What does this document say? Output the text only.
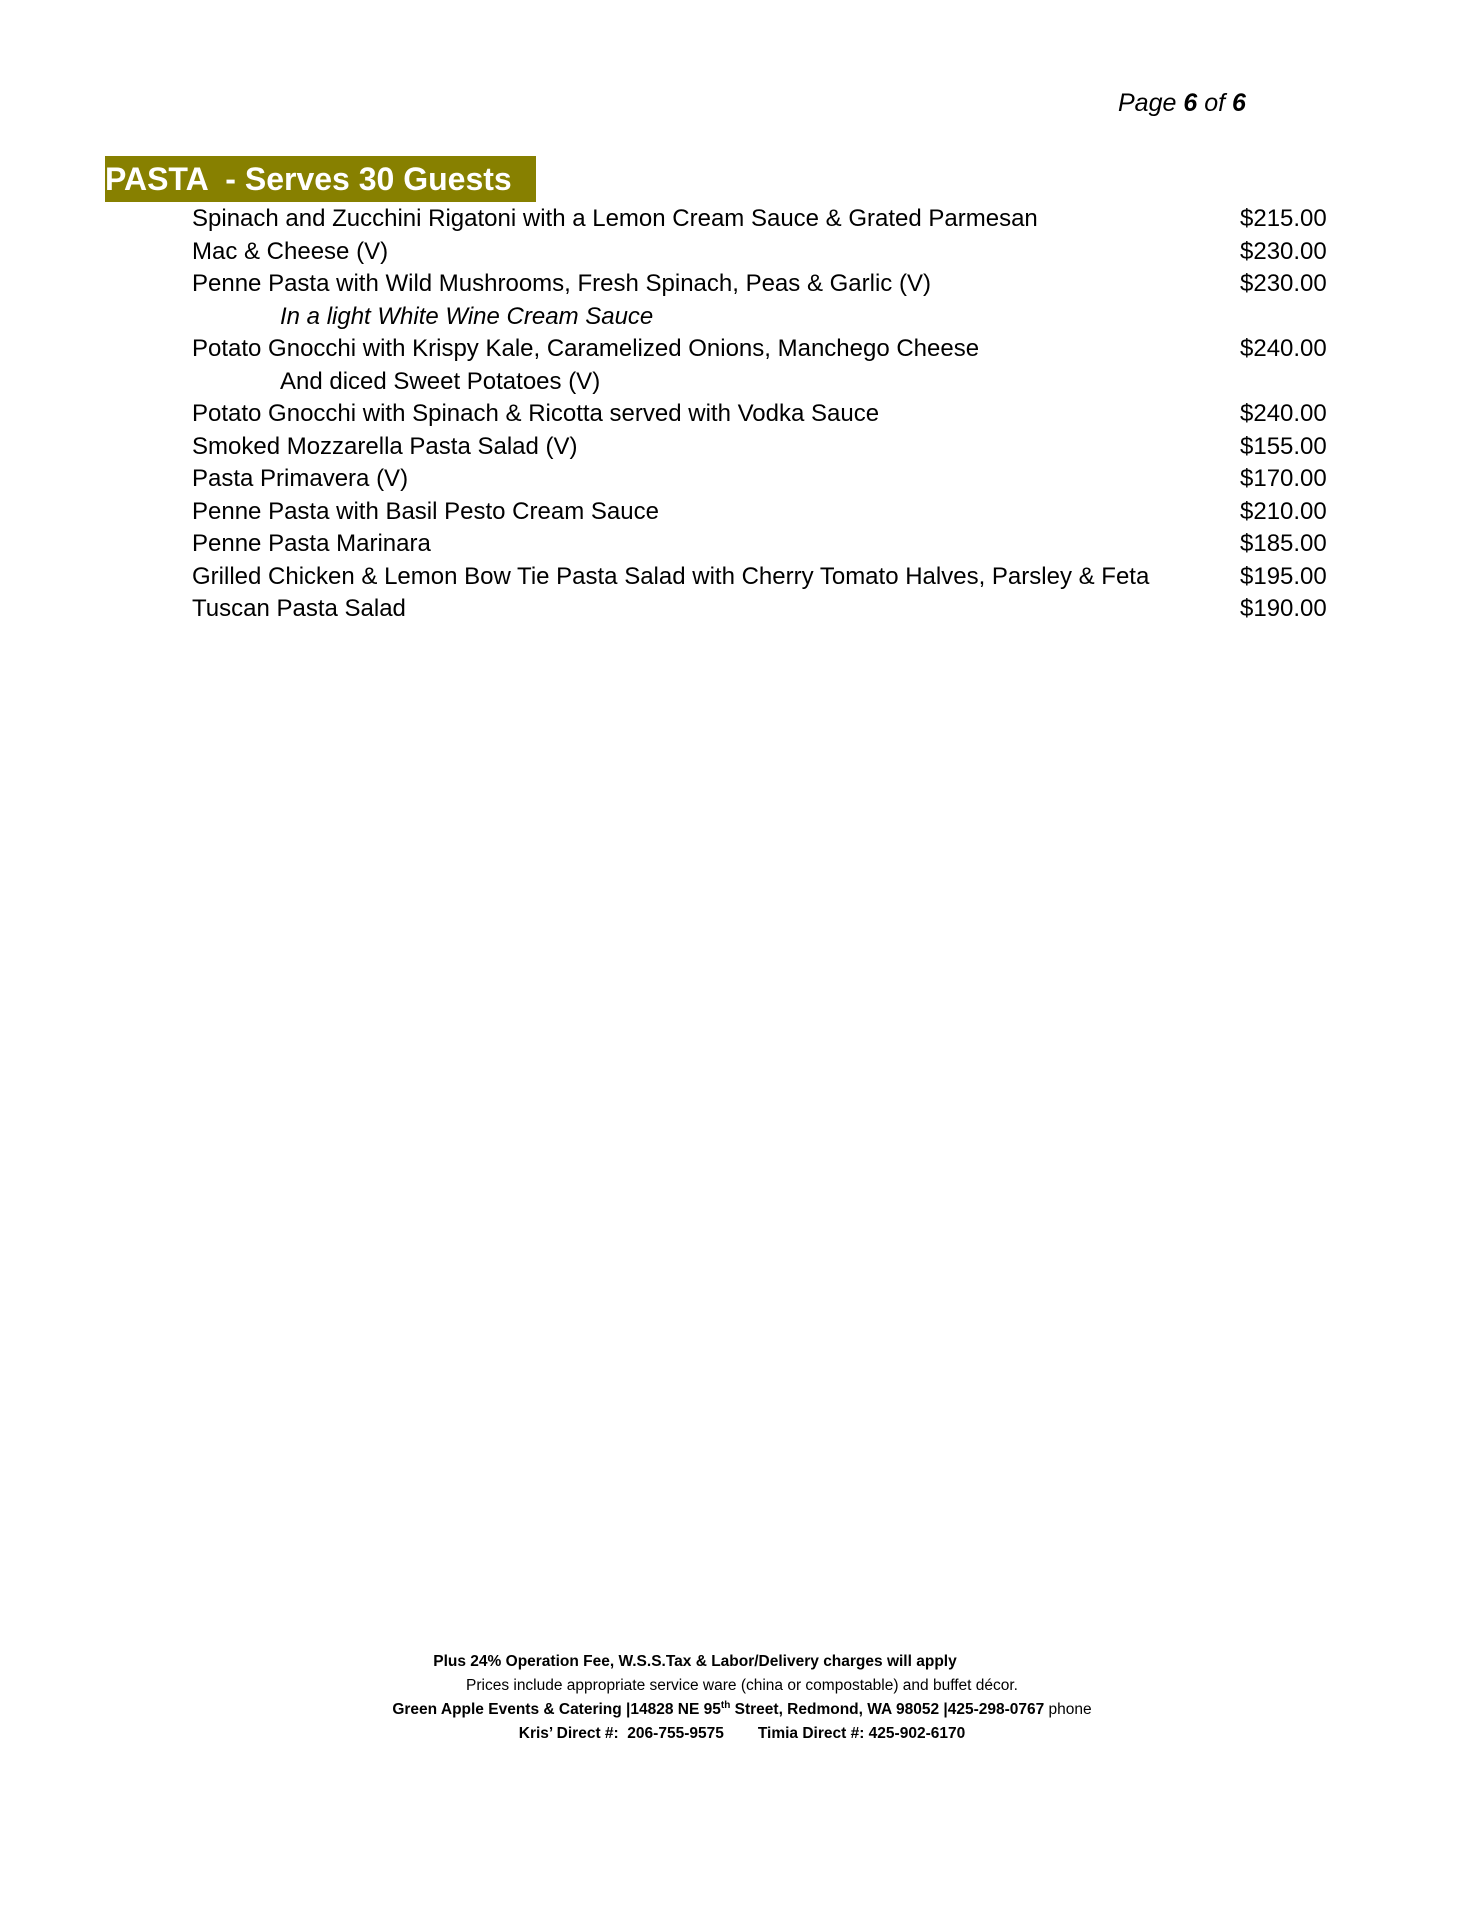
Page 6 of 6
PASTA  - Serves 30 Guests
Spinach and Zucchini Rigatoni with a Lemon Cream Sauce & Grated Parmesan	$215.00
Mac & Cheese (V)	$230.00
Penne Pasta with Wild Mushrooms, Fresh Spinach, Peas & Garlic (V)	$230.00
In a light White Wine Cream Sauce
Potato Gnocchi with Krispy Kale, Caramelized Onions, Manchego Cheese	$240.00
And diced Sweet Potatoes (V)
Potato Gnocchi with Spinach & Ricotta served with Vodka Sauce	$240.00
Smoked Mozzarella Pasta Salad (V)	$155.00
Pasta Primavera (V)	$170.00
Penne Pasta with Basil Pesto Cream Sauce	$210.00
Penne Pasta Marinara	$185.00
Grilled Chicken & Lemon Bow Tie Pasta Salad with Cherry Tomato Halves, Parsley & Feta	$195.00
Tuscan Pasta Salad	$190.00
Plus 24% Operation Fee, W.S.S.Tax & Labor/Delivery charges will apply
Prices include appropriate service ware (china or compostable) and buffet décor.
Green Apple Events & Catering |14828 NE 95th Street, Redmond, WA 98052 |425-298-0767 phone
Kris’ Direct #:  206-755-9575 Timia Direct #: 425-902-6170
